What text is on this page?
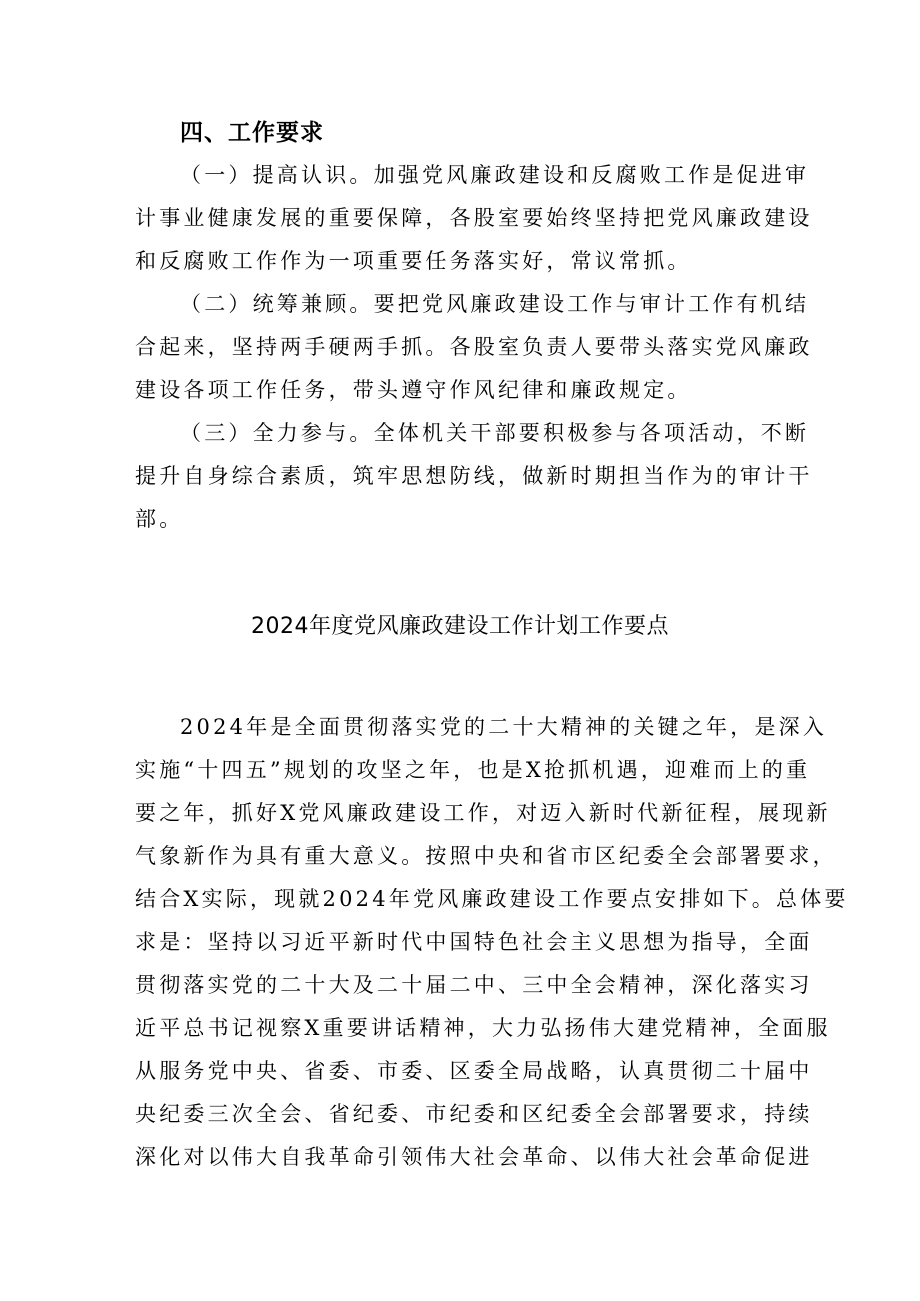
四、工作要求
（一）提高认识。加强党风廉政建设和反腐败工作是促进审
计事业健康发展的重要保障，各股室要始终坚持把党风廉政建设
和反腐败工作作为一项重要任务落实好，常议常抓。
（二）统筹兼顾。要把党风廉政建设工作与审计工作有机结
合起来，坚持两手硬两手抓。各股室负责人要带头落实党风廉政
建设各项工作任务，带头遵守作风纪律和廉政规定。
（三）全力参与。全体机关干部要积极参与各项活动，不断
提升自身综合素质，筑牢思想防线，做新时期担当作为的审计干
部。
2024年度党风廉政建设工作计划工作要点
2024年是全面贯彻落实党的二十大精神的关键之年，是深入
实施“十四五”规划的攻坚之年，也是X抢抓机遇，迎难而上的重
要之年，抓好X党风廉政建设工作，对迈入新时代新征程，展现新
气象新作为具有重大意义。按照中央和省市区纪委全会部署要求，
结合X实际，现就2024年党风廉政建设工作要点安排如下。总体要
求是：坚持以习近平新时代中国特色社会主义思想为指导，全面
贯彻落实党的二十大及二十届二中、三中全会精神，深化落实习
近平总书记视察X重要讲话精神，大力弘扬伟大建党精神，全面服
从服务党中央、省委、市委、区委全局战略，认真贯彻二十届中
央纪委三次全会、省纪委、市纪委和区纪委全会部署要求，持续
深化对以伟大自我革命引领伟大社会革命、以伟大社会革命促进
